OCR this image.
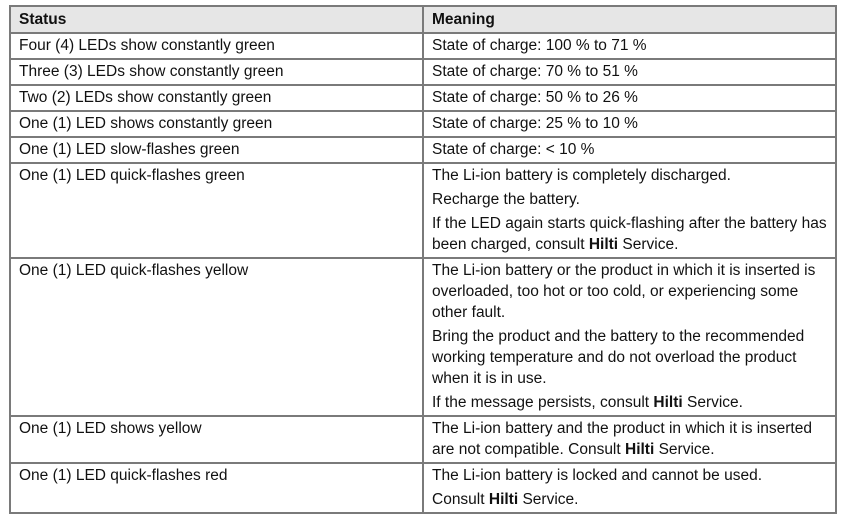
Status	Meaning
Four (4) LEDs show constantly green	State of charge: 100 % to 71 %

Three (3) LEDs show constantly green	State of charge: 70 % to 51 %

Two (2) LEDs show constantly green	State of charge: 50 % to 26 %

One (1) LED shows constantly green	State of charge: 25 % to 10 %

One (1) LED slow-flashes green	State of charge: < 10 %

One (1) LED quick-flashes green	The Li-ion battery is completely discharged.

Recharge the battery.

If the LED again starts quick-flashing after the battery has been charged, consult Hilti Service.

One (1) LED quick-flashes yellow	The Li-ion battery or the product in which it is inserted is overloaded, too hot or too cold, or experiencing some other fault.

Bring the product and the battery to the recommended working temperature and do not overload the product when it is in use.

If the message persists, consult Hilti Service.

One (1) LED shows yellow	The Li-ion battery and the product in which it is inserted are not compatible. Consult Hilti Service.

One (1) LED quick-flashes red	The Li-ion battery is locked and cannot be used.

Consult Hilti Service.
